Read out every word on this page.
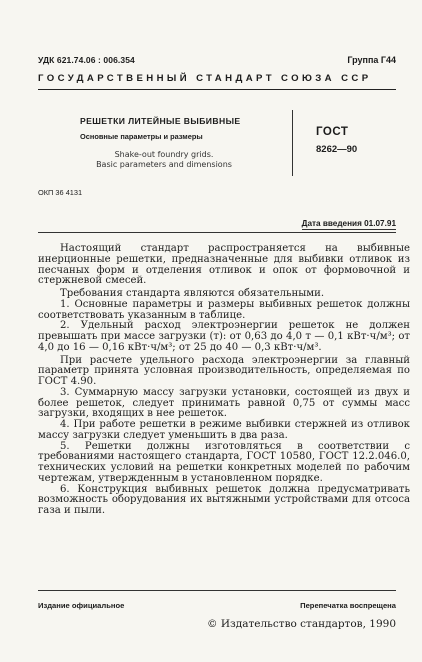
УДК 621.74.06 : 006.354	Группа Г44
ГОСУДАРСТВЕННЫЙ СТАНДАРТ СОЮЗА ССР
РЕШЕТКИ ЛИТЕЙНЫЕ ВЫБИВНЫЕ
Основные параметры и размеры
Shake-out foundry grids.
Basic parameters and dimensions
ГОСТ
8262—90
ОКП 36 4131
Дата введения 01.07.91

Настоящий стандарт распространяется на выбивные инерционные решетки, предназначенные для выбивки отливок из песчаных форм и отделения отливок и опок от формовочной и стержневой смесей.

Требования стандарта являются обязательными.

1. Основные параметры и размеры выбивных решеток должны соответствовать указанным в таблице.

2. Удельный расход электроэнергии решеток не должен превышать при массе загрузки (т): от 0,63 до 4,0 т — 0,1 кВт·ч/м³; от 4,0 до 16 — 0,16 кВт·ч/м³; от 25 до 40 — 0,3 кВт·ч/м³.

При расчете удельного расхода электроэнергии за главный параметр принята условная производительность, определяемая по ГОСТ 4.90.

3. Суммарную массу загрузки установки, состоящей из двух и более решеток, следует принимать равной 0,75 от суммы масс загрузки, входящих в нее решеток.

4. При работе решетки в режиме выбивки стержней из отливок массу загрузки следует уменьшить в два раза.

5. Решетки должны изготовляться в соответствии с требованиями настоящего стандарта, ГОСТ 10580, ГОСТ 12.2.046.0, технических условий на решетки конкретных моделей по рабочим чертежам, утвержденным в установленном порядке.

6. Конструкция выбивных решеток должна предусматривать возможность оборудования их вытяжными устройствами для отсоса газа и пыли.

Издание официальное	Перепечатка воспрещена
© Издательство стандартов, 1990
